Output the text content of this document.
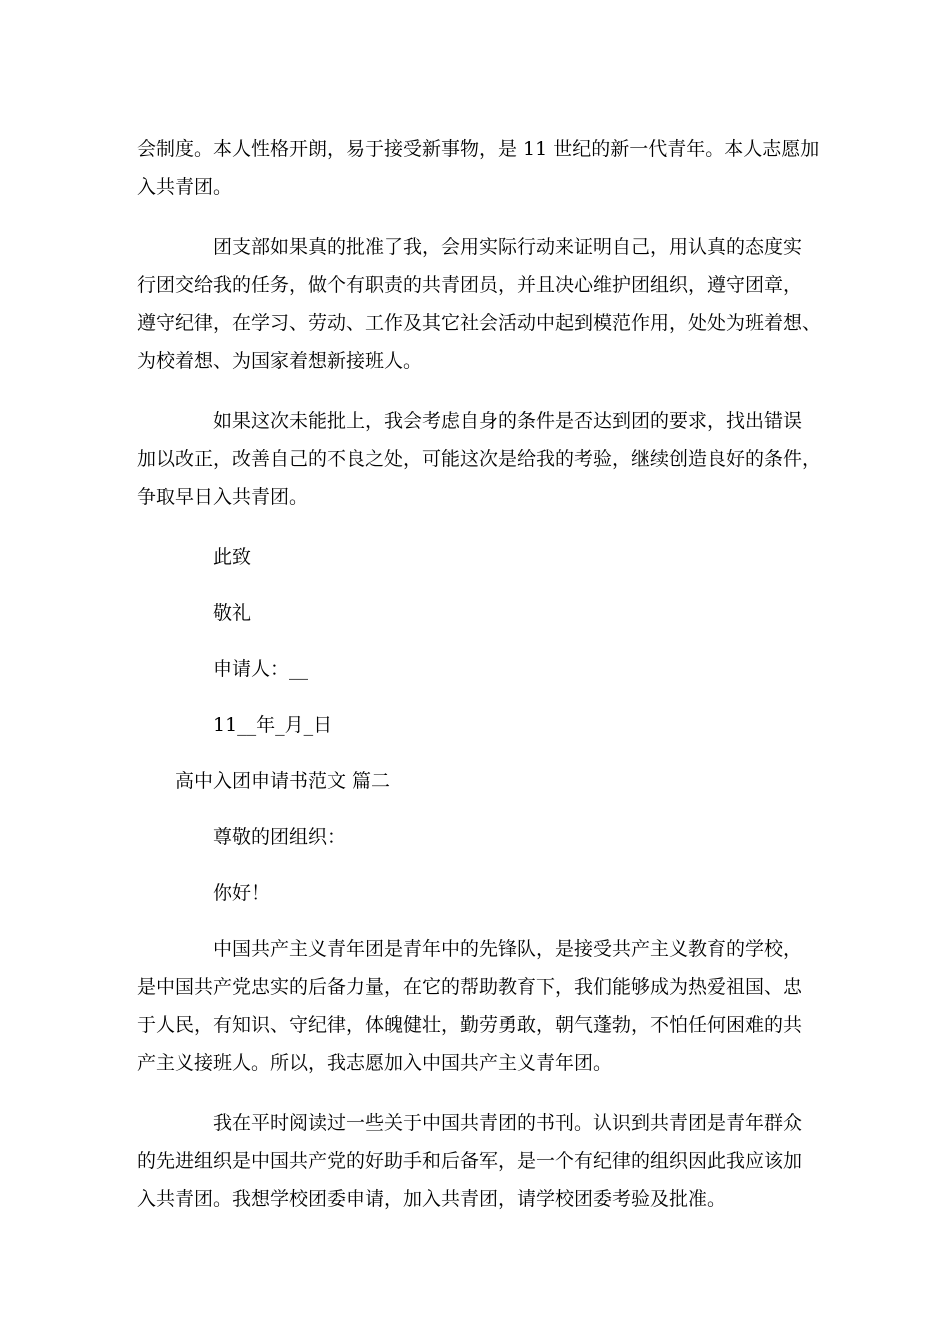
会制度。本人性格开朗，易于接受新事物，是 11 世纪的新一代青年。本人志愿加
入共青团。

团支部如果真的批准了我，会用实际行动来证明自己，用认真的态度实
行团交给我的任务，做个有职责的共青团员，并且决心维护团组织，遵守团章，
遵守纪律，在学习、劳动、工作及其它社会活动中起到模范作用，处处为班着想、
为校着想、为国家着想新接班人。

如果这次未能批上，我会考虑自身的条件是否达到团的要求，找出错误
加以改正，改善自己的不良之处，可能这次是给我的考验，继续创造良好的条件，
争取早日入共青团。

此致

敬礼

申请人：__

11__年_月_日

高中入团申请书范文 篇二

尊敬的团组织：

你好！

中国共产主义青年团是青年中的先锋队，是接受共产主义教育的学校，
是中国共产党忠实的后备力量，在它的帮助教育下，我们能够成为热爱祖国、忠
于人民，有知识、守纪律，体魄健壮，勤劳勇敢，朝气蓬勃，不怕任何困难的共
产主义接班人。所以，我志愿加入中国共产主义青年团。

我在平时阅读过一些关于中国共青团的书刊。认识到共青团是青年群众
的先进组织是中国共产党的好助手和后备军，是一个有纪律的组织因此我应该加
入共青团。我想学校团委申请，加入共青团，请学校团委考验及批准。
